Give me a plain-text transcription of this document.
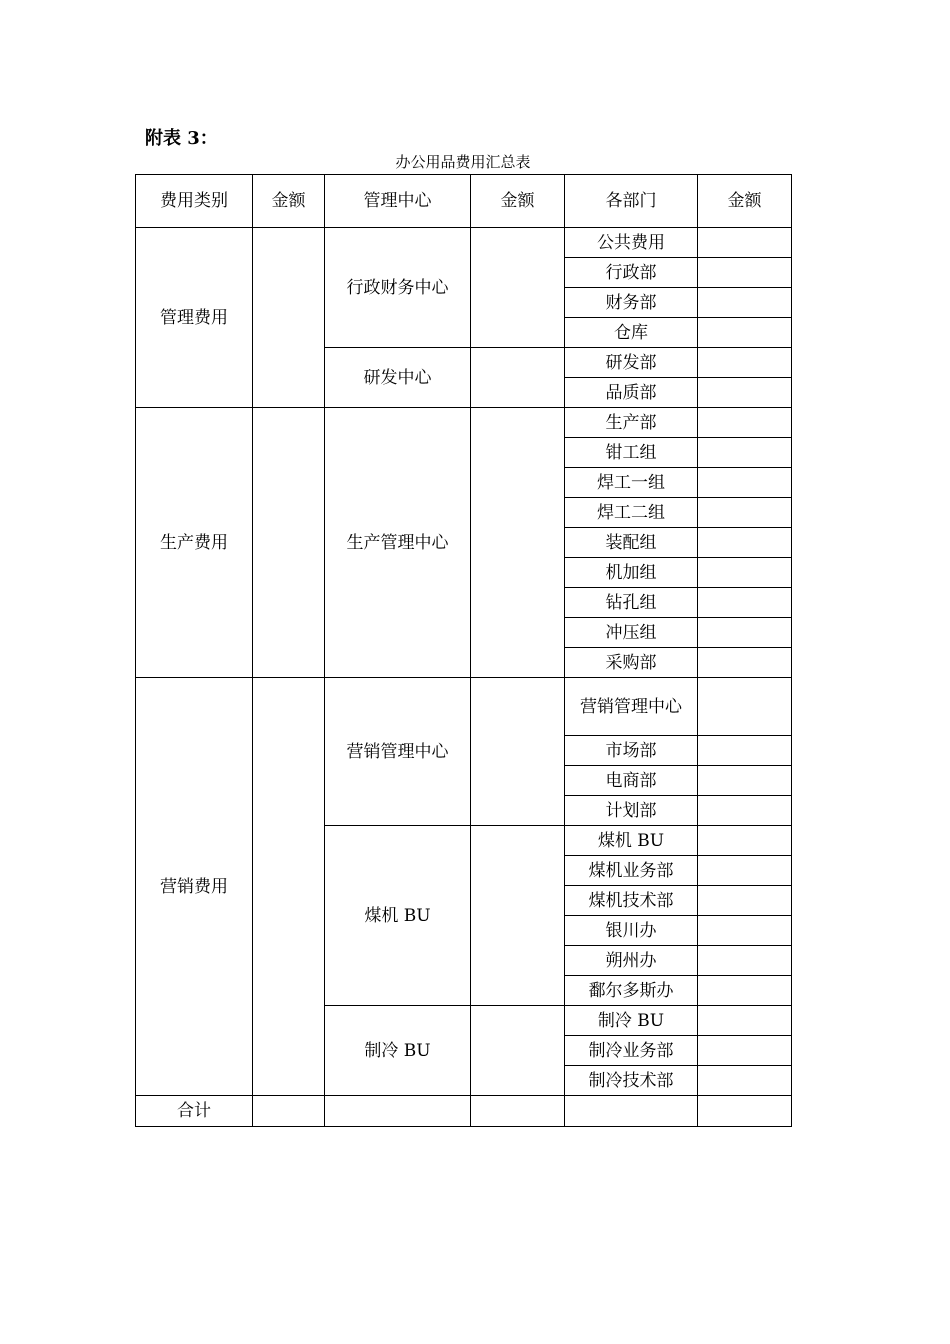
附表 3：
办公用品费用汇总表
费用类别	金额	管理中心	金额	各部门	金额
管理费用		行政财务中心		公共费用	
				行政部	
				财务部	
				仓库	
		研发中心		研发部	
				品质部	
生产费用		生产管理中心		生产部	
				钳工组	
				焊工一组	
				焊工二组	
				装配组	
				机加组	
				钻孔组	
				冲压组	
				采购部	
营销费用		营销管理中心		营销管理中心	
				市场部	
				电商部	
				计划部	
		煤机 BU		煤机 BU	
				煤机业务部	
				煤机技术部	
				银川办	
				朔州办	
				鄱尔多斯办	
		制冷 BU		制冷 BU	
				制冷业务部	
				制冷技术部	
合计					
